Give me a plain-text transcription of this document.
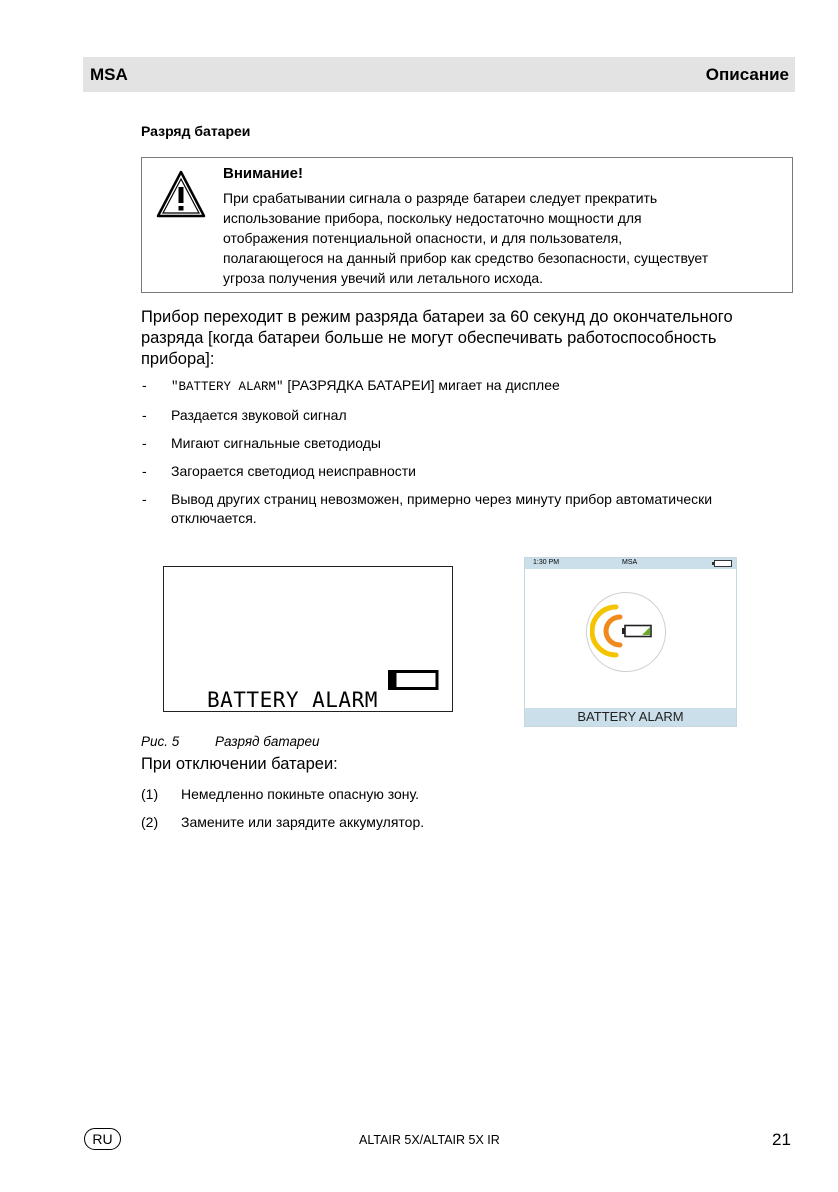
MSA	Описание
Разряд батареи
Внимание!
При срабатывании сигнала о разряде батареи следует прекратить
использование прибора, поскольку недостаточно мощности для
отображения потенциальной опасности, и для пользователя,
полагающегося на данный прибор как средство безопасности, существует
угроза получения увечий или летального исхода.
Прибор переходит в режим разряда батареи за 60 секунд до окончательного
разряда [когда батареи больше не могут обеспечивать работоспособность
прибора]:
- "BATTERY ALARM" [РАЗРЯДКА БАТАРЕИ] мигает на дисплее
- Раздается звуковой сигнал
- Мигают сигнальные светодиоды
- Загорается светодиод неисправности
- Вывод других страниц невозможен, примерно через минуту прибор автоматически
отключается.
BATTERY ALARM
1:30 PM	MSA
BATTERY ALARM
Рис. 5	Разряд батареи
При отключении батареи:
(1) Немедленно покиньте опасную зону.
(2) Замените или зарядите аккумулятор.
RU	ALTAIR 5X/ALTAIR 5X IR	21
